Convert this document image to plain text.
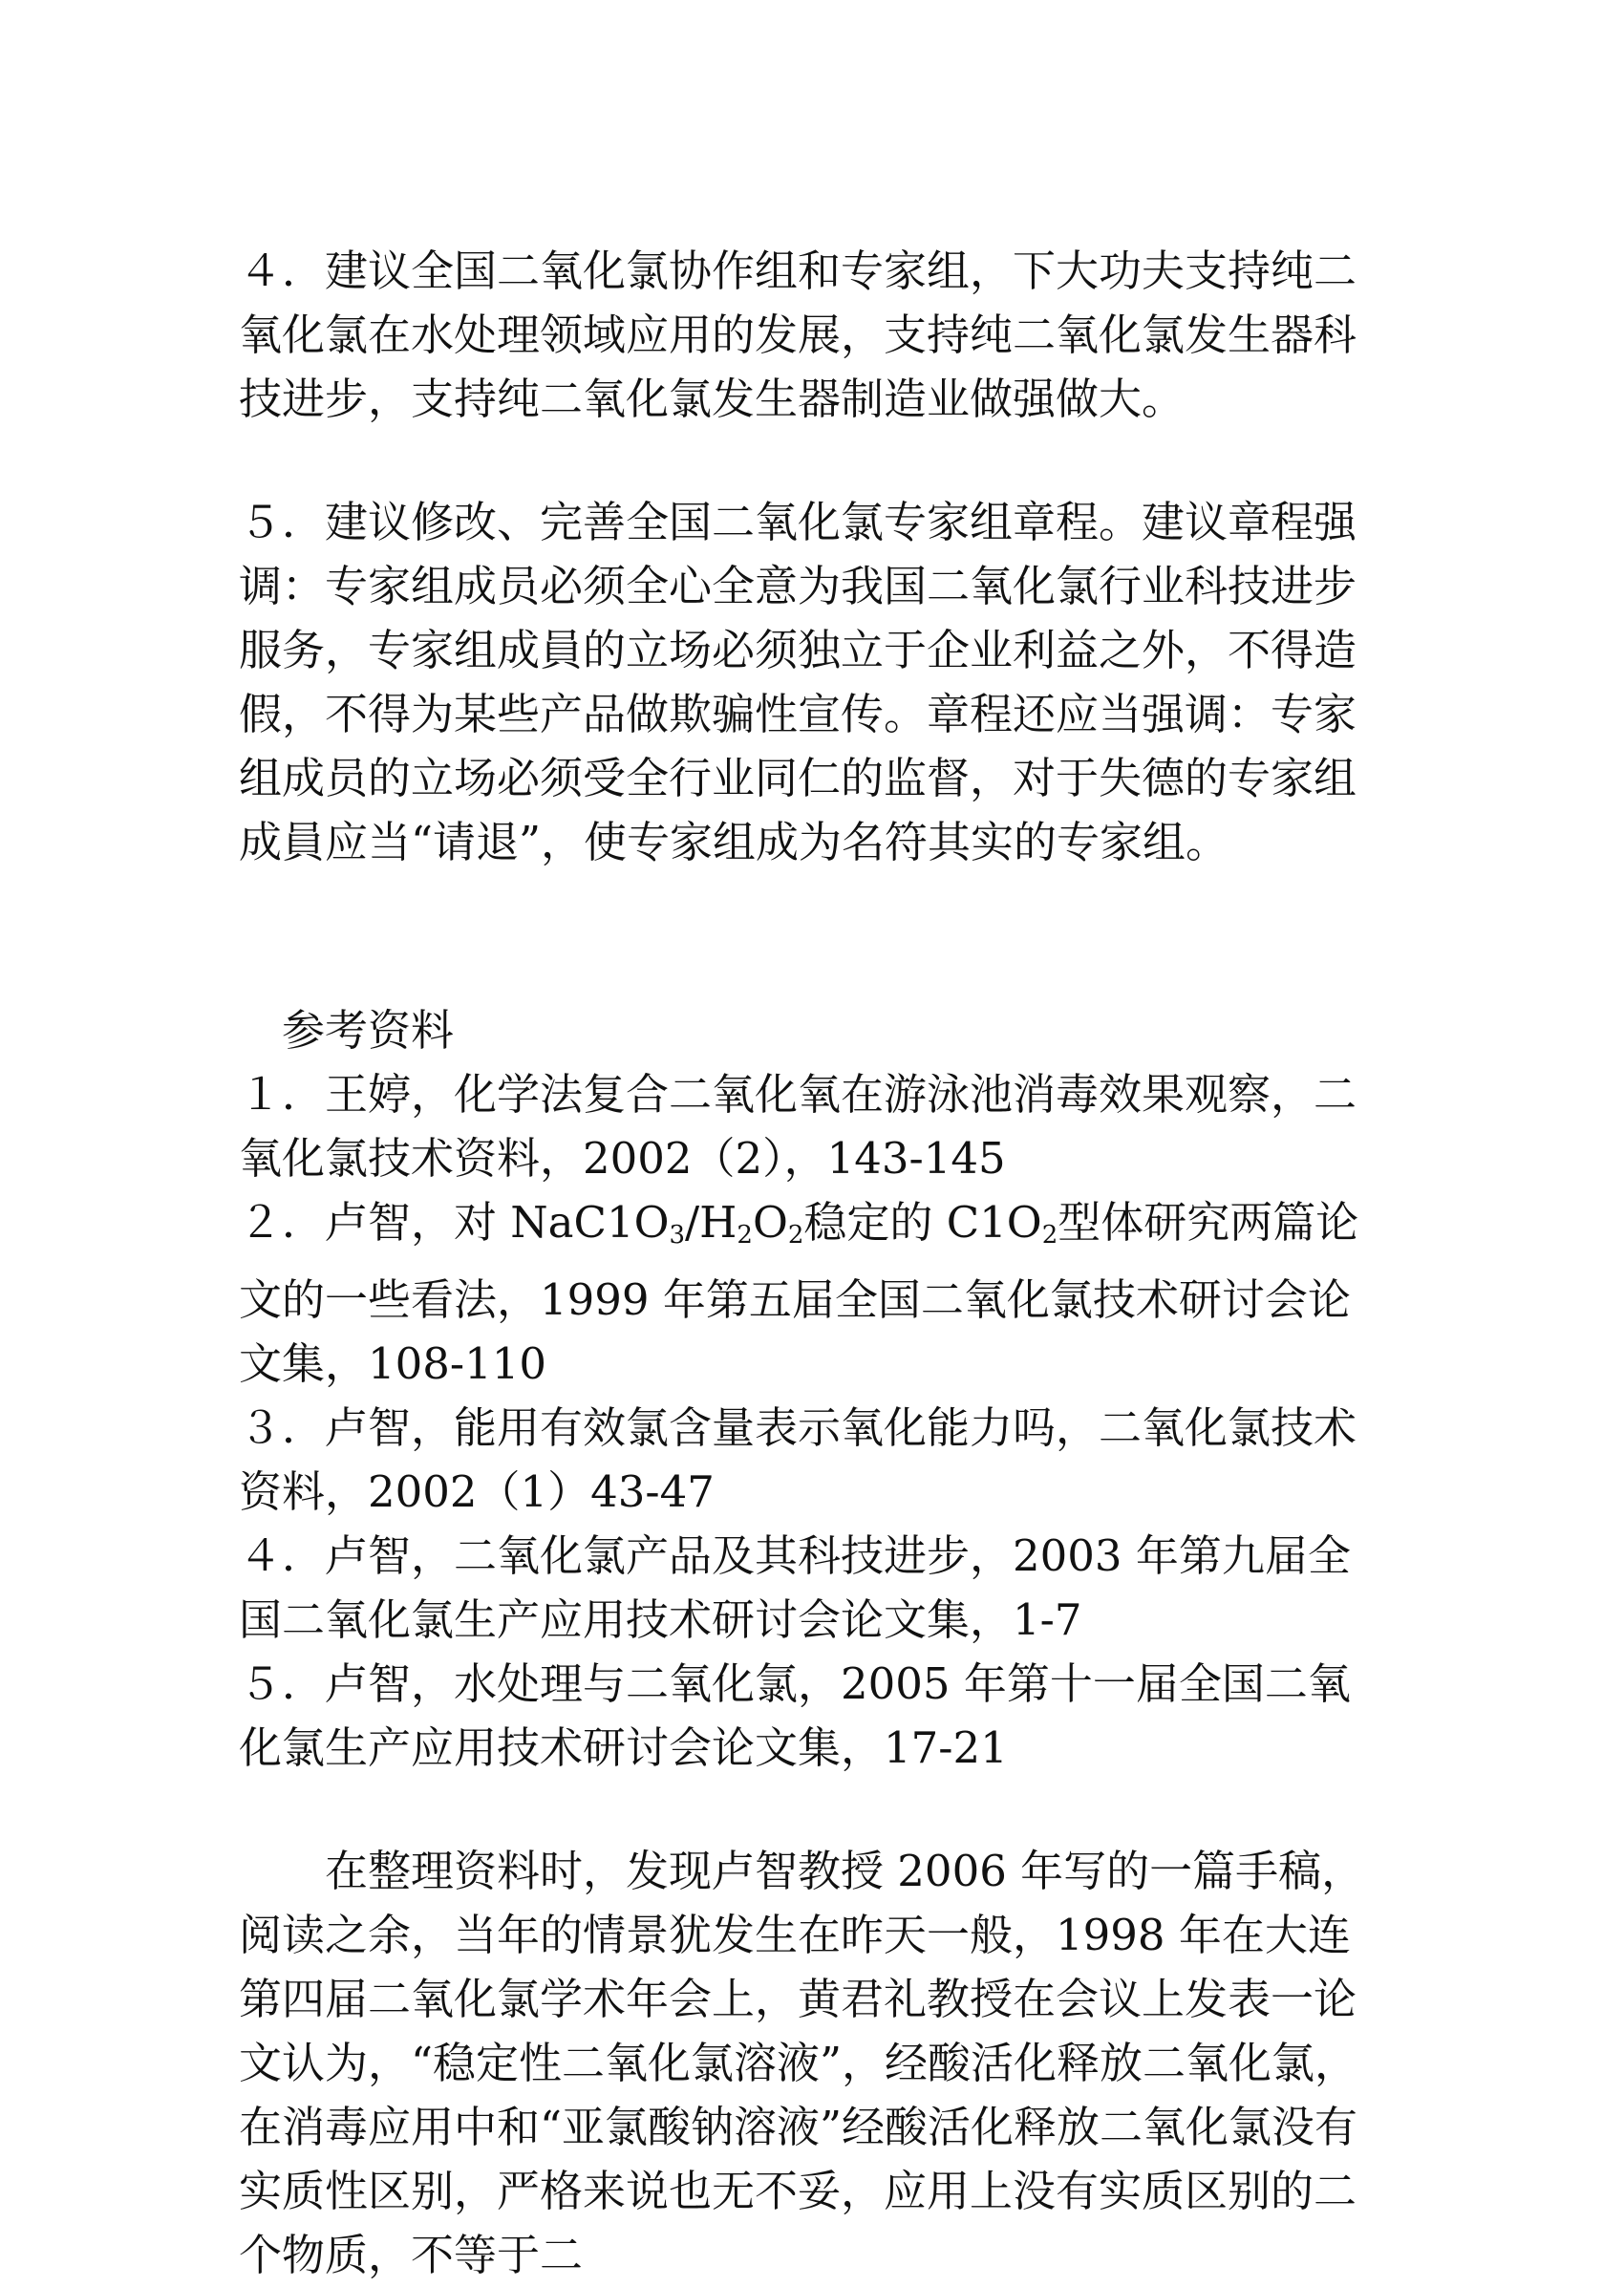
４．建议全国二氧化氯协作组和专家组，下大功夫支持纯二氧化氯在水处理领域应用的发展，支持纯二氧化氯发生器科技进步，支持纯二氧化氯发生器制造业做强做大。

５．建议修改、完善全国二氧化氯专家组章程。建议章程强调：专家组成员必须全心全意为我国二氧化氯行业科技进步服务，专家组成員的立场必须独立于企业利益之外，不得造假，不得为某些产品做欺骗性宣传。章程还应当强调：专家组成员的立场必须受全行业同仁的监督，对于失德的专家组成員应当“请退”，使专家组成为名符其实的专家组。

参考资料

１．王婷，化学法复合二氧化氧在游泳池消毒效果观察，二氧化氯技术资料，2002（2），143-145

２．卢智，对 $NaC1O_3/H_2O_2$稳定的 $C1O_2$型体研究两篇论文的一些看法，1999 年第五届全国二氧化氯技术研讨会论文集，108-110

３．卢智，能用有效氯含量表示氧化能力吗，二氧化氯技术资料，2002（1）43-47

４．卢智，二氧化氯产品及其科技进步，2003 年第九届全国二氧化氯生产应用技术研讨会论文集，1-7

５．卢智，水处理与二氧化氯，2005 年第十一届全国二氧化氯生产应用技术研讨会论文集，17-21

在整理资料时，发现卢智教授 2006 年写的一篇手稿，阅读之余，当年的情景犹发生在昨天一般，1998 年在大连第四届二氧化氯学术年会上，黄君礼教授在会议上发表一论文认为，“稳定性二氧化氯溶液”，经酸活化释放二氧化氯，在消毒应用中和“亚氯酸钠溶液”经酸活化释放二氧化氯没有实质性区别，严格来说也无不妥，应用上没有实质区别的二个物质，不等于二
